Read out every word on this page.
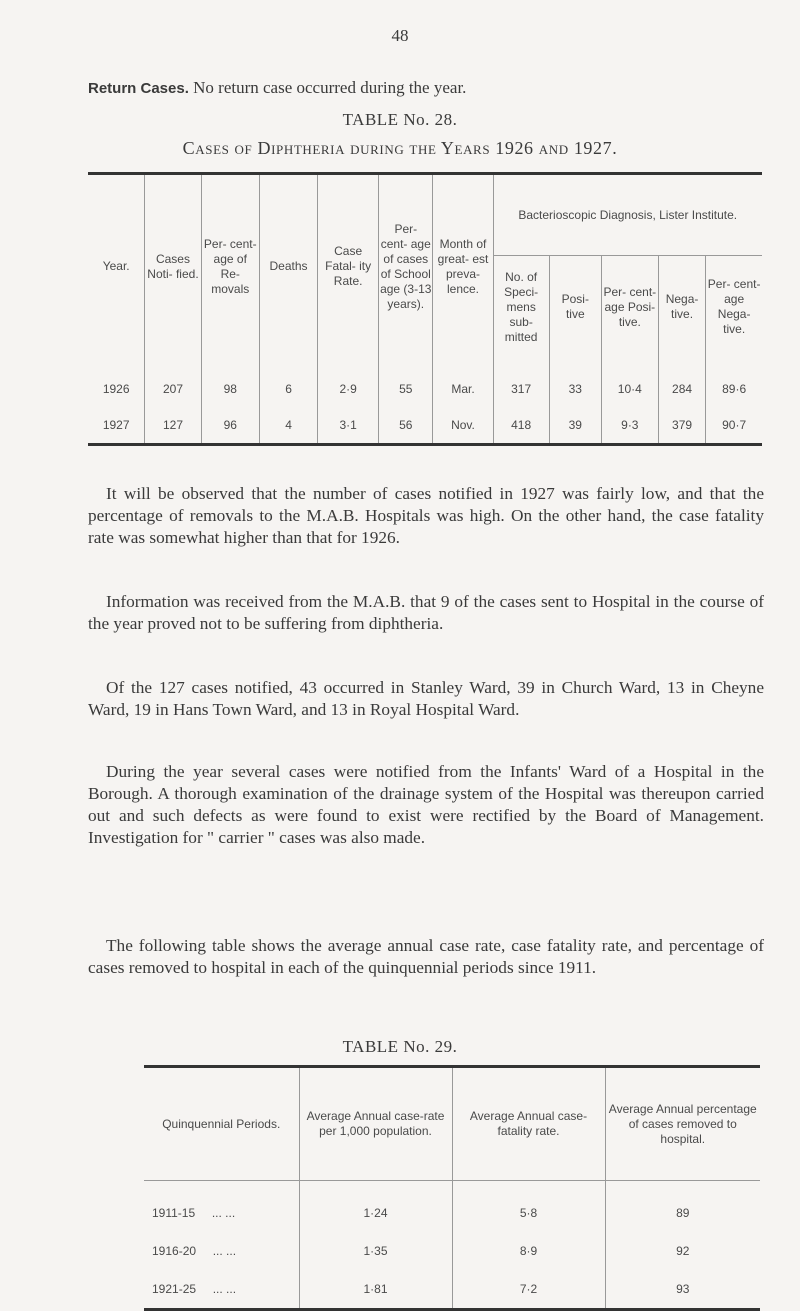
48
Return Cases. No return case occurred during the year.
TABLE No. 28.
Cases of Diphtheria during the Years 1926 and 1927.
Year.	Cases Noti- fied.	Per- cent- age of Re- movals	Deaths	Case Fatal- ity Rate.	Per- cent- age of cases of School age (3-13 years).	Month of great- est preva- lence.	Bacterioscopic Diagnosis, Lister Institute.				
							No. of Speci- mens sub- mitted	Posi- tive	Per- cent- age Posi- tive.	Nega- tive.	Per- cent- age Nega- tive.
1926	207	98	6	2·9	55	Mar.	317	33	10·4	284	89·6
1927	127	96	4	3·1	56	Nov.	418	39	9·3	379	90·7

It will be observed that the number of cases notified in 1927 was fairly low, and that the percentage of removals to the M.A.B. Hospitals was high. On the other hand, the case fatality rate was somewhat higher than that for 1926.

Information was received from the M.A.B. that 9 of the cases sent to Hospital in the course of the year proved not to be suffering from diphtheria.

Of the 127 cases notified, 43 occurred in Stanley Ward, 39 in Church Ward, 13 in Cheyne Ward, 19 in Hans Town Ward, and 13 in Royal Hospital Ward.

During the year several cases were notified from the Infants' Ward of a Hospital in the Borough. A thorough examination of the drainage system of the Hospital was thereupon carried out and such defects as were found to exist were rectified by the Board of Management. Investigation for " carrier " cases was also made.

The following table shows the average annual case rate, case fatality rate, and percentage of cases removed to hospital in each of the quinquennial periods since 1911.

TABLE No. 29.
Quinquennial Periods.	Average Annual case-rate per 1,000 population.	Average Annual case-fatality rate.	Average Annual percentage of cases removed to hospital.
1911-15 ... ...	1·24	5·8	89
1916-20 ... ...	1·35	8·9	92
1921-25 ... ...	1·81	7·2	93
